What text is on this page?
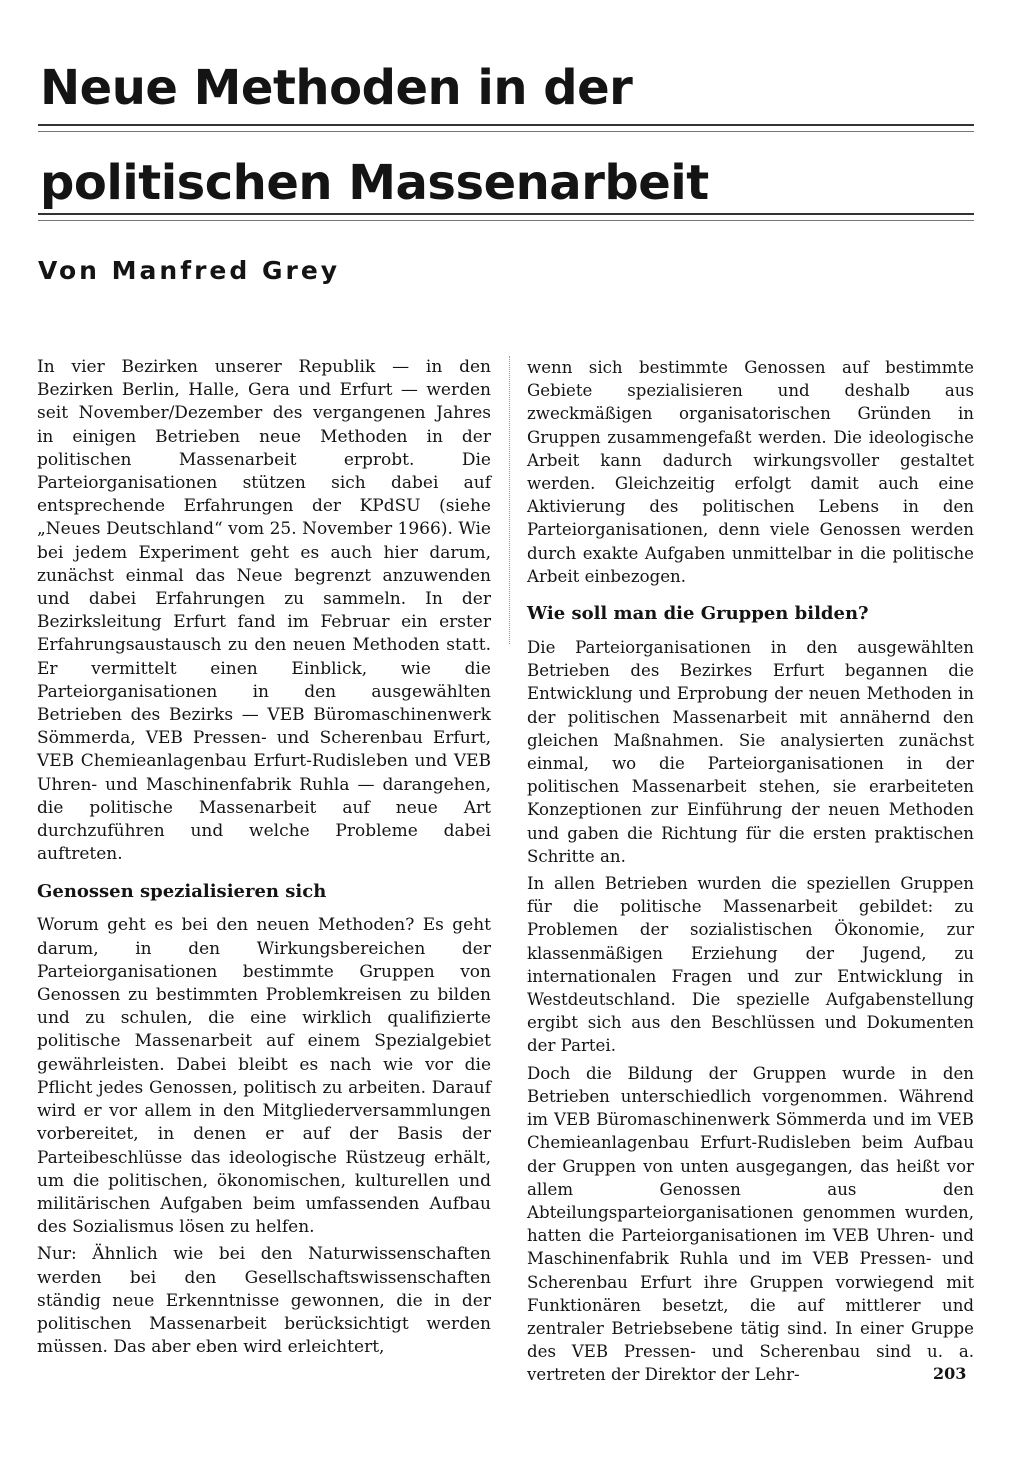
Neue Methoden in der
politischen Massenarbeit
Von Manfred Grey

In vier Bezirken unserer Republik — in den Bezirken Berlin, Halle, Gera und Erfurt — werden seit November/Dezember des vergangenen Jahres in einigen Betrieben neue Methoden in der politischen Massenarbeit erprobt. Die Parteiorganisationen stützen sich dabei auf entsprechende Erfahrungen der KPdSU (siehe „Neues Deutschland“ vom 25. November 1966). Wie bei jedem Experiment geht es auch hier darum, zunächst einmal das Neue begrenzt anzuwenden und dabei Erfahrungen zu sammeln. In der Bezirksleitung Erfurt fand im Februar ein erster Erfahrungsaustausch zu den neuen Methoden statt. Er vermittelt einen Einblick, wie die Parteiorganisationen in den ausgewählten Betrieben des Bezirks — VEB Büromaschinenwerk Sömmerda, VEB Pressen- und Scherenbau Erfurt, VEB Chemieanlagenbau Erfurt-Rudisleben und VEB Uhren- und Maschinenfabrik Ruhla — darangehen, die politische Massenarbeit auf neue Art durchzuführen und welche Probleme dabei auftreten.

Genossen spezialisieren sich

Worum geht es bei den neuen Methoden? Es geht darum, in den Wirkungsbereichen der Parteiorganisationen bestimmte Gruppen von Genossen zu bestimmten Problemkreisen zu bilden und zu schulen, die eine wirklich qualifizierte politische Massenarbeit auf einem Spezialgebiet gewährleisten. Dabei bleibt es nach wie vor die Pflicht jedes Genossen, politisch zu arbeiten. Darauf wird er vor allem in den Mitgliederversammlungen vorbereitet, in denen er auf der Basis der Parteibeschlüsse das ideologische Rüstzeug erhält, um die politischen, ökonomischen, kulturellen und militärischen Aufgaben beim umfassenden Aufbau des Sozialismus lösen zu helfen.

Nur: Ähnlich wie bei den Naturwissenschaften werden bei den Gesellschaftswissenschaften ständig neue Erkenntnisse gewonnen, die in der politischen Massenarbeit berücksichtigt werden müssen. Das aber eben wird erleichtert,

wenn sich bestimmte Genossen auf bestimmte Gebiete spezialisieren und deshalb aus zweckmäßigen organisatorischen Gründen in Gruppen zusammengefaßt werden. Die ideologische Arbeit kann dadurch wirkungsvoller gestaltet werden. Gleichzeitig erfolgt damit auch eine Aktivierung des politischen Lebens in den Parteiorganisationen, denn viele Genossen werden durch exakte Aufgaben unmittelbar in die politische Arbeit einbezogen.

Wie soll man die Gruppen bilden?

Die Parteiorganisationen in den ausgewählten Betrieben des Bezirkes Erfurt begannen die Entwicklung und Erprobung der neuen Methoden in der politischen Massenarbeit mit annähernd den gleichen Maßnahmen. Sie analysierten zunächst einmal, wo die Parteiorganisationen in der politischen Massenarbeit stehen, sie erarbeiteten Konzeptionen zur Einführung der neuen Methoden und gaben die Richtung für die ersten praktischen Schritte an.

In allen Betrieben wurden die speziellen Gruppen für die politische Massenarbeit gebildet: zu Problemen der sozialistischen Ökonomie, zur klassenmäßigen Erziehung der Jugend, zu internationalen Fragen und zur Entwicklung in Westdeutschland. Die spezielle Aufgabenstellung ergibt sich aus den Beschlüssen und Dokumenten der Partei.

Doch die Bildung der Gruppen wurde in den Betrieben unterschiedlich vorgenommen. Während im VEB Büromaschinenwerk Sömmerda und im VEB Chemieanlagenbau Erfurt-Rudisleben beim Aufbau der Gruppen von unten ausgegangen, das heißt vor allem Genossen aus den Abteilungsparteiorganisationen genommen wurden, hatten die Parteiorganisationen im VEB Uhren- und Maschinenfabrik Ruhla und im VEB Pressen- und Scherenbau Erfurt ihre Gruppen vorwiegend mit Funktionären besetzt, die auf mittlerer und zentraler Betriebsebene tätig sind. In einer Gruppe des VEB Pressen- und Scherenbau sind u. a. vertreten der Direktor der Lehr-	203
